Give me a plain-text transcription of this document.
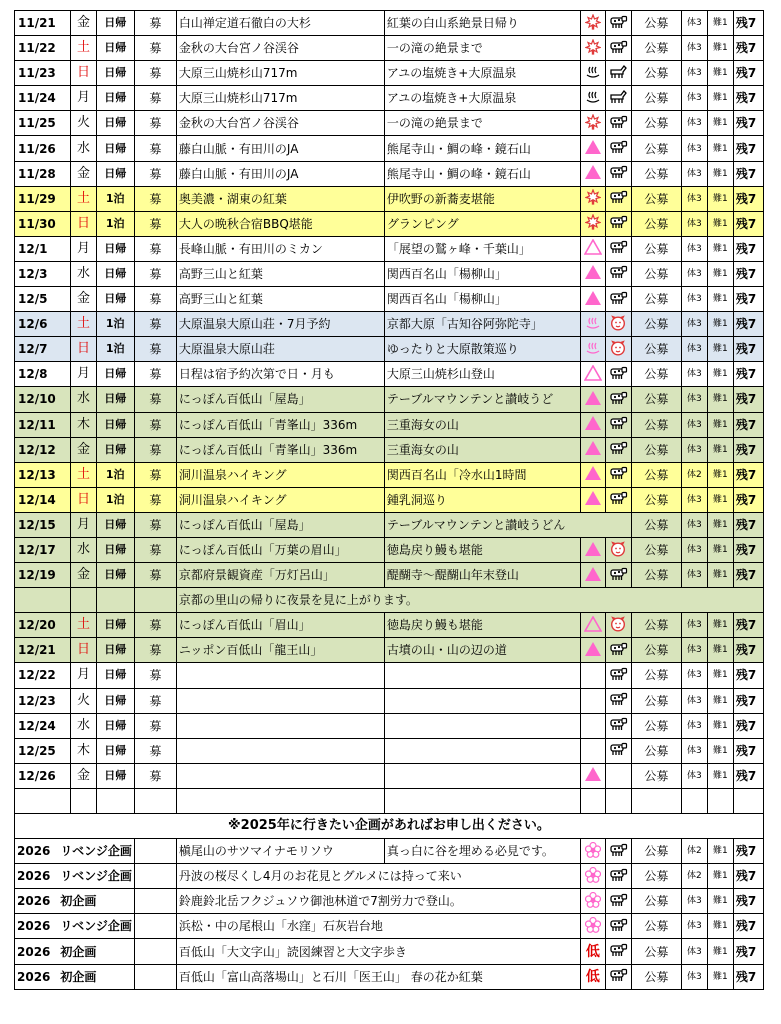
11/21	金	日帰	募	白山禅定道石徹白の大杉	紅葉の白山系絶景日帰り			公募	体3	難1	残7
11/22	土	日帰	募	金秋の大台宮ノ谷渓谷	一の滝の絶景まで			公募	体3	難1	残7
11/23	日	日帰	募	大原三山焼杉山717m	アユの塩焼き+大原温泉			公募	体3	難1	残7
11/24	月	日帰	募	大原三山焼杉山717m	アユの塩焼き+大原温泉			公募	体3	難1	残7
11/25	火	日帰	募	金秋の大台宮ノ谷渓谷	一の滝の絶景まで			公募	体3	難1	残7
11/26	水	日帰	募	藤白山脈・有田川のJA	熊尾寺山・鯛の峰・鏡石山			公募	体3	難1	残7
11/28	金	日帰	募	藤白山脈・有田川のJA	熊尾寺山・鯛の峰・鏡石山			公募	体3	難1	残7
11/29	土	1泊	募	奥美濃・湖東の紅葉	伊吹野の新蕎麦堪能			公募	体3	難1	残7
11/30	日	1泊	募	大人の晩秋合宿BBQ堪能	グランピング			公募	体3	難1	残7
12/1	月	日帰	募	長峰山脈・有田川のミカン	「展望の鷲ヶ峰・千葉山」			公募	体3	難1	残7
12/3	水	日帰	募	高野三山と紅葉	関西百名山「楊柳山」			公募	体3	難1	残7
12/5	金	日帰	募	高野三山と紅葉	関西百名山「楊柳山」			公募	体3	難1	残7
12/6	土	1泊	募	大原温泉大原山荘・7月予約	京都大原「古知谷阿弥陀寺」			公募	体3	難1	残7
12/7	日	1泊	募	大原温泉大原山荘	ゆったりと大原散策巡り			公募	体3	難1	残7
12/8	月	日帰	募	日程は宿予約次第で日・月も	大原三山焼杉山登山			公募	体3	難1	残7
12/10	水	日帰	募	にっぽん百低山「屋島」	テーブルマウンテンと讃岐うど			公募	体3	難1	残7
12/11	木	日帰	募	にっぽん百低山「青峯山」336m	三重海女の山			公募	体3	難1	残7
12/12	金	日帰	募	にっぽん百低山「青峯山」336m	三重海女の山			公募	体3	難1	残7
12/13	土	1泊	募	洞川温泉ハイキング	関西百名山「冷水山1時間			公募	体2	難1	残7
12/14	日	1泊	募	洞川温泉ハイキング	鍾乳洞巡り			公募	体3	難1	残7
12/15	月	日帰	募	にっぽん百低山「屋島」	テーブルマウンテンと讃岐うどん			公募	体3	難1	残7
12/17	水	日帰	募	にっぽん百低山「万葉の眉山」	徳島戻り鰻も堪能			公募	体3	難1	残7
12/19	金	日帰	募	京都府景観資産「万灯呂山」	醍醐寺～醍醐山年末登山			公募	体3	難1	残7
				京都の里山の帰りに夜景を見に上がります。							
12/20	土	日帰	募	にっぽん百低山「眉山」	徳島戻り鰻も堪能			公募	体3	難1	残7
12/21	日	日帰	募	ニッポン百低山「龍王山」	古墳の山・山の辺の道			公募	体3	難1	残7
12/22	月	日帰	募					公募	体3	難1	残7
12/23	火	日帰	募					公募	体3	難1	残7
12/24	水	日帰	募					公募	体3	難1	残7
12/25	木	日帰	募					公募	体3	難1	残7
12/26	金	日帰	募					公募	体3	難1	残7

※2025年に行きたい企画があればお申し出ください。											
2026 リベンジ企画				槇尾山のサツマイナモリソウ	真っ白に谷を埋める必見です。			公募	体2	難1	残7
2026 リベンジ企画				丹波の桜尽くし4月のお花見とグルメには持って来い				公募	体2	難1	残7
2026 初企画				鈴鹿鈴北岳フクジュソウ御池林道で7割労力で登山。				公募	体3	難1	残7
2026 リベンジ企画				浜松・中の尾根山「水窪」石灰岩台地				公募	体3	難1	残7
2026 初企画				百低山「大文字山」読図練習と大文字歩き		低		公募	体3	難1	残7
2026 初企画				百低山「富山高落場山」と石川「医王山」 春の花か紅葉		低		公募	体3	難1	残7
